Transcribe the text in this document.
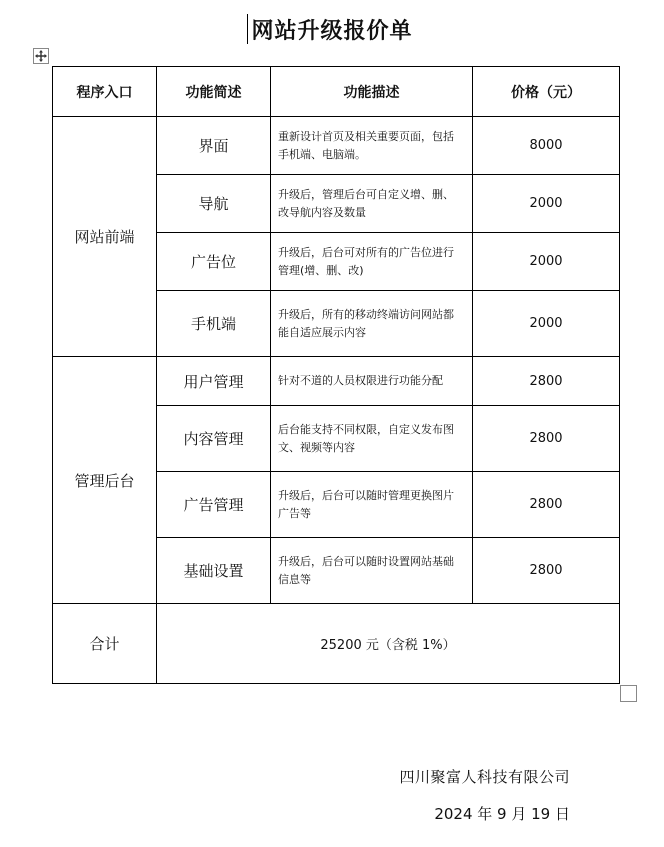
网站升级报价单
程序入口	功能简述	功能描述	价格（元）
网站前端	界面	重新设计首页及相关重要页面，包括手机端、电脑端。	8000
	导航	升级后，管理后台可自定义增、删、改导航内容及数量	2000
	广告位	升级后，后台可对所有的广告位进行管理(增、删、改)	2000
	手机端	升级后，所有的移动终端访问网站都能自适应展示内容	2000
管理后台	用户管理	针对不道的人员权限进行功能分配	2800
	内容管理	后台能支持不同权限，自定义发布图文、视频等内容	2800
	广告管理	升级后，后台可以随时管理更换图片广告等	2800
	基础设置	升级后，后台可以随时设置网站基础信息等	2800
合计	25200 元（含税 1%）		
四川聚富人科技有限公司
2024 年 9 月 19 日
